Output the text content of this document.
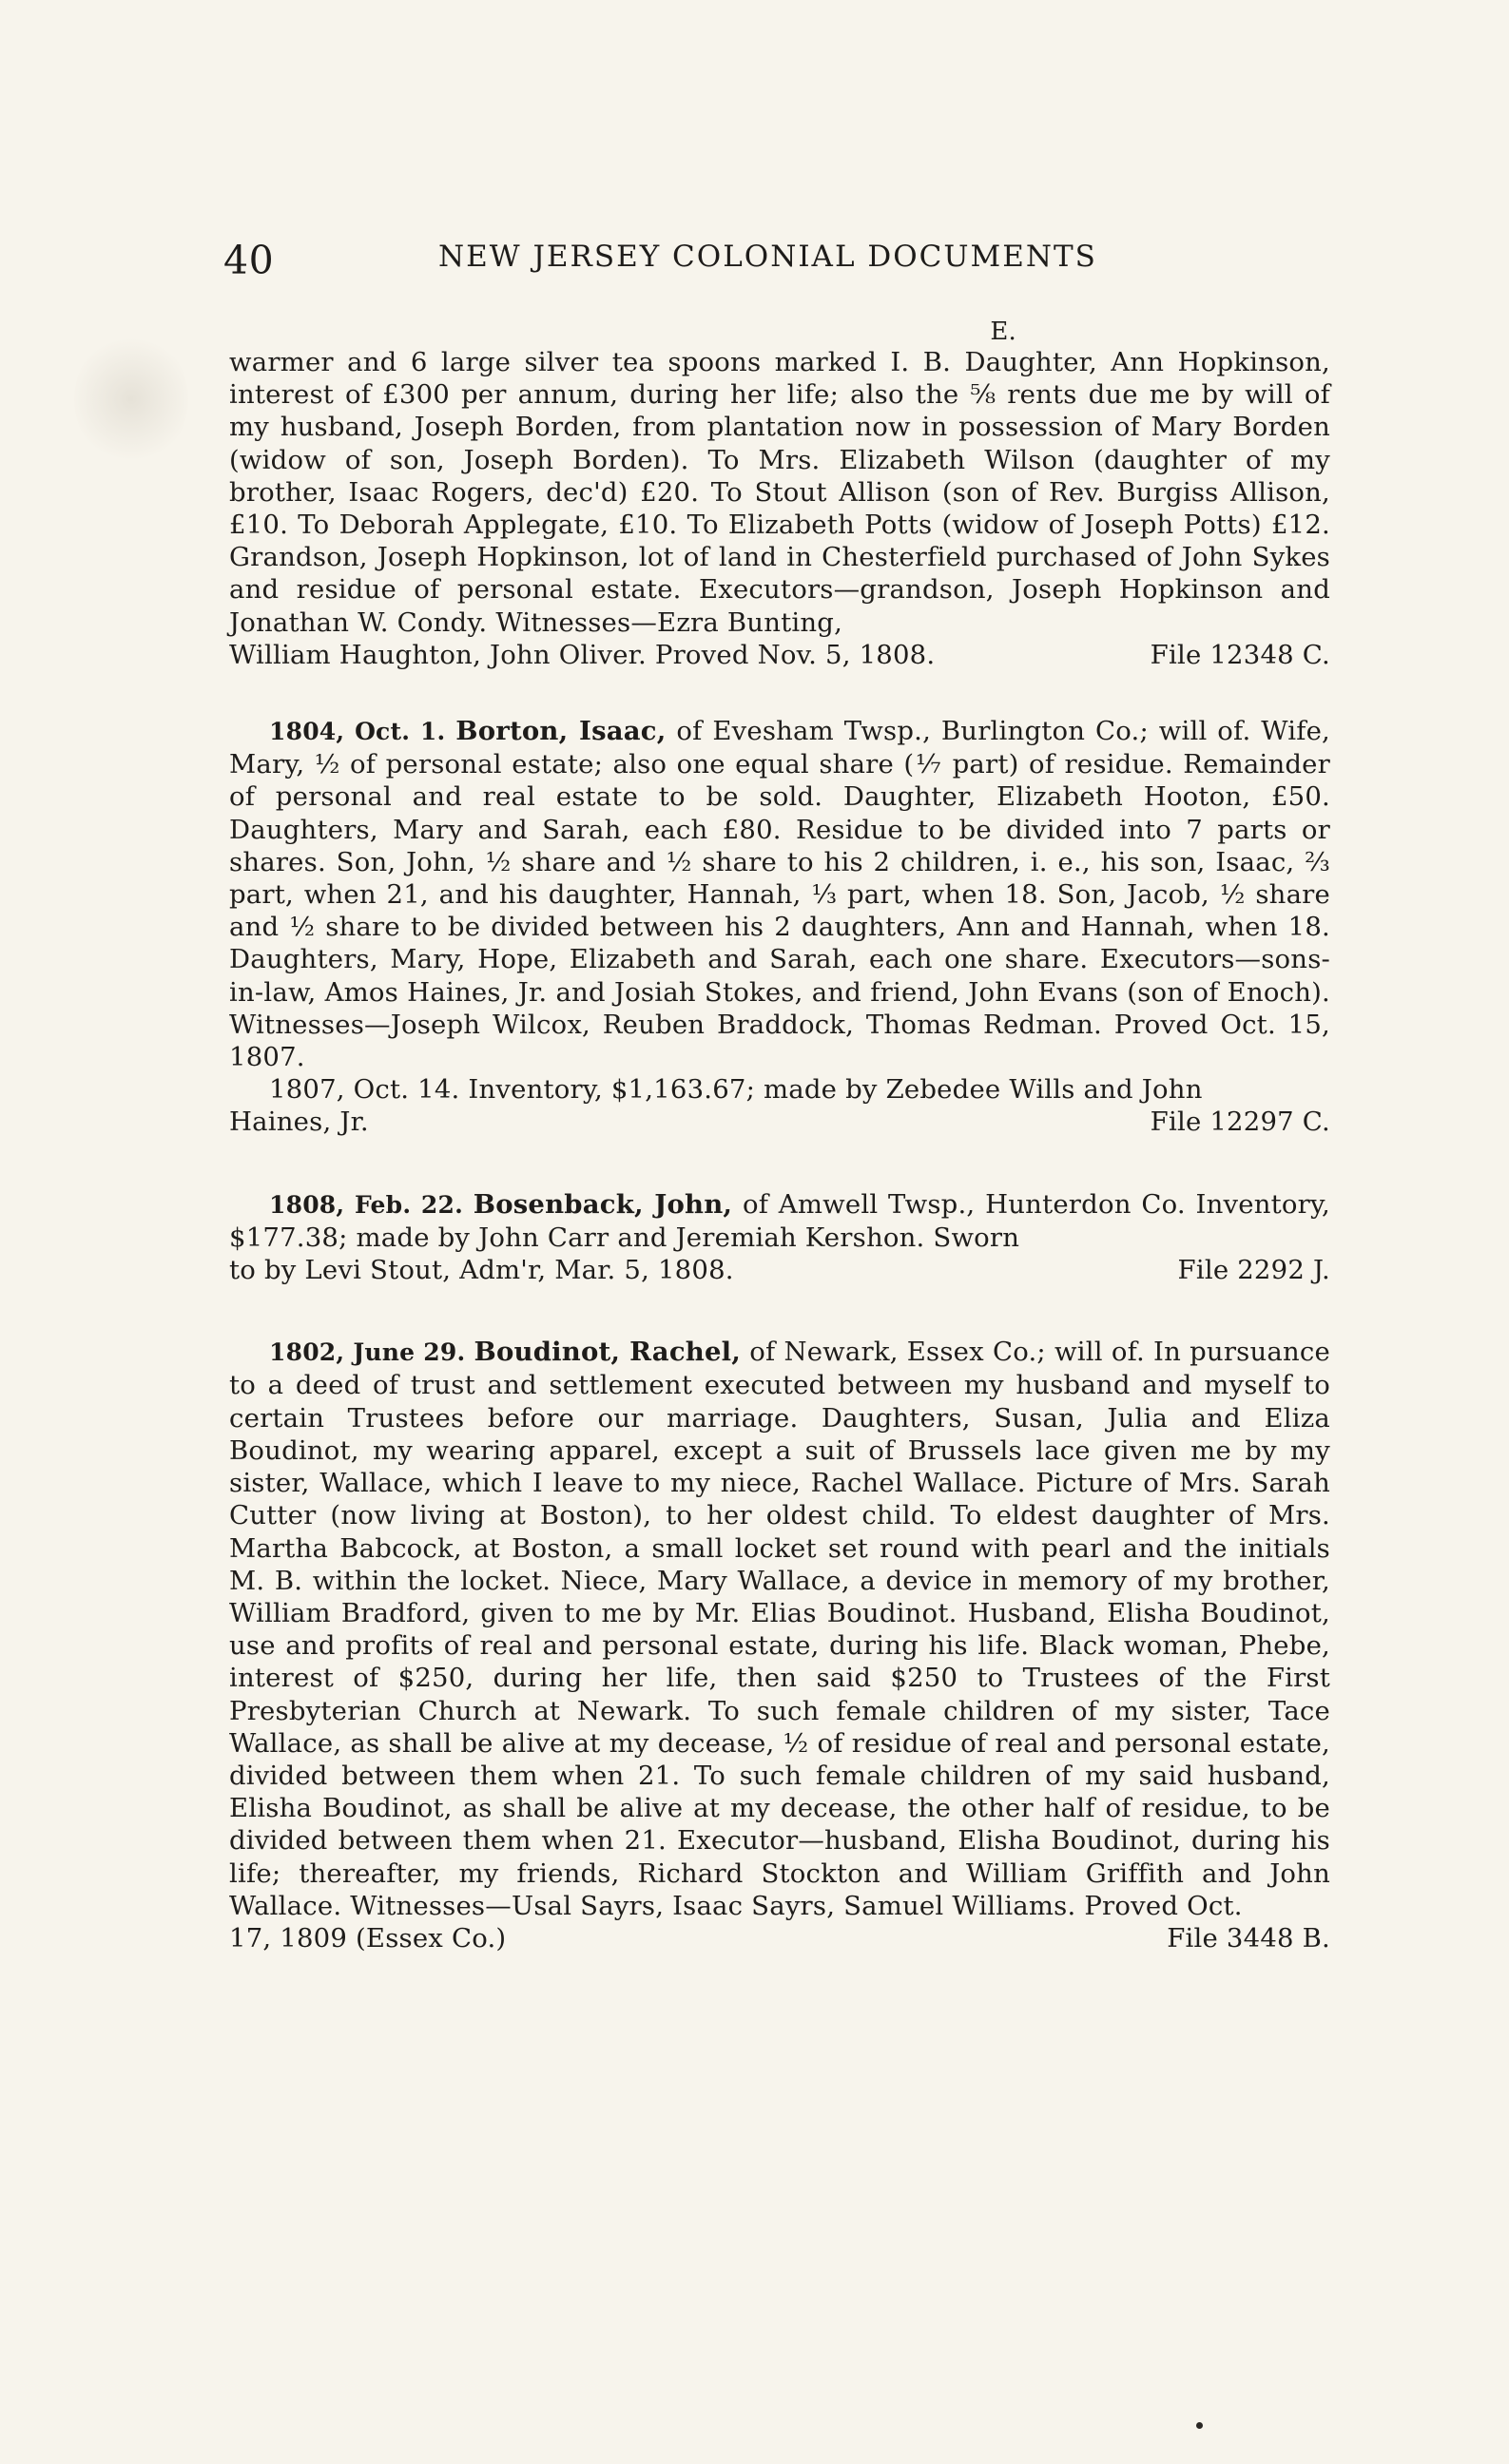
40	NEW JERSEY COLONIAL DOCUMENTS
E.

warmer and 6 large silver tea spoons marked I. B. Daughter, Ann Hopkinson, interest of £300 per annum, during her life; also the ⅝ rents due me by will of my husband, Joseph Borden, from plantation now in possession of Mary Borden (widow of son, Joseph Borden). To Mrs. Elizabeth Wilson (daughter of my brother, Isaac Rogers, dec'd) £20. To Stout Allison (son of Rev. Burgiss Allison, £10. To Deborah Applegate, £10. To Elizabeth Potts (widow of Joseph Potts) £12. Grandson, Joseph Hopkinson, lot of land in Chesterfield purchased of John Sykes and residue of personal estate. Executors—grandson, Joseph Hopkinson and Jonathan W. Condy. Witnesses—Ezra Bunting,

William Haughton, John Oliver. Proved Nov. 5, 1808.	File 12348 C.

1804, Oct. 1. Borton, Isaac, of Evesham Twsp., Burlington Co.; will of. Wife, Mary, ½ of personal estate; also one equal share (⅐ part) of residue. Remainder of personal and real estate to be sold. Daughter, Elizabeth Hooton, £50. Daughters, Mary and Sarah, each £80. Residue to be divided into 7 parts or shares. Son, John, ½ share and ½ share to his 2 children, i. e., his son, Isaac, ⅔ part, when 21, and his daughter, Hannah, ⅓ part, when 18. Son, Jacob, ½ share and ½ share to be divided between his 2 daughters, Ann and Hannah, when 18. Daughters, Mary, Hope, Elizabeth and Sarah, each one share. Executors—sons-in-law, Amos Haines, Jr. and Josiah Stokes, and friend, John Evans (son of Enoch). Witnesses—Joseph Wilcox, Reuben Braddock, Thomas Redman. Proved Oct. 15, 1807.

1807, Oct. 14. Inventory, $1,163.67; made by Zebedee Wills and John

Haines, Jr.	File 12297 C.

1808, Feb. 22. Bosenback, John, of Amwell Twsp., Hunterdon Co. Inventory, $177.38; made by John Carr and Jeremiah Kershon. Sworn

to by Levi Stout, Adm'r, Mar. 5, 1808.	File 2292 J.

1802, June 29. Boudinot, Rachel, of Newark, Essex Co.; will of. In pursuance to a deed of trust and settlement executed between my husband and myself to certain Trustees before our marriage. Daughters, Susan, Julia and Eliza Boudinot, my wearing apparel, except a suit of Brussels lace given me by my sister, Wallace, which I leave to my niece, Rachel Wallace. Picture of Mrs. Sarah Cutter (now living at Boston), to her oldest child. To eldest daughter of Mrs. Martha Babcock, at Boston, a small locket set round with pearl and the initials M. B. within the locket. Niece, Mary Wallace, a device in memory of my brother, William Bradford, given to me by Mr. Elias Boudinot. Husband, Elisha Boudinot, use and profits of real and personal estate, during his life. Black woman, Phebe, interest of $250, during her life, then said $250 to Trustees of the First Presbyterian Church at Newark. To such female children of my sister, Tace Wallace, as shall be alive at my decease, ½ of residue of real and personal estate, divided between them when 21. To such female children of my said husband, Elisha Boudinot, as shall be alive at my decease, the other half of residue, to be divided between them when 21. Executor—husband, Elisha Boudinot, during his life; thereafter, my friends, Richard Stockton and William Griffith and John Wallace. Witnesses—Usal Sayrs, Isaac Sayrs, Samuel Williams. Proved Oct.

17, 1809 (Essex Co.)	File 3448 B.
